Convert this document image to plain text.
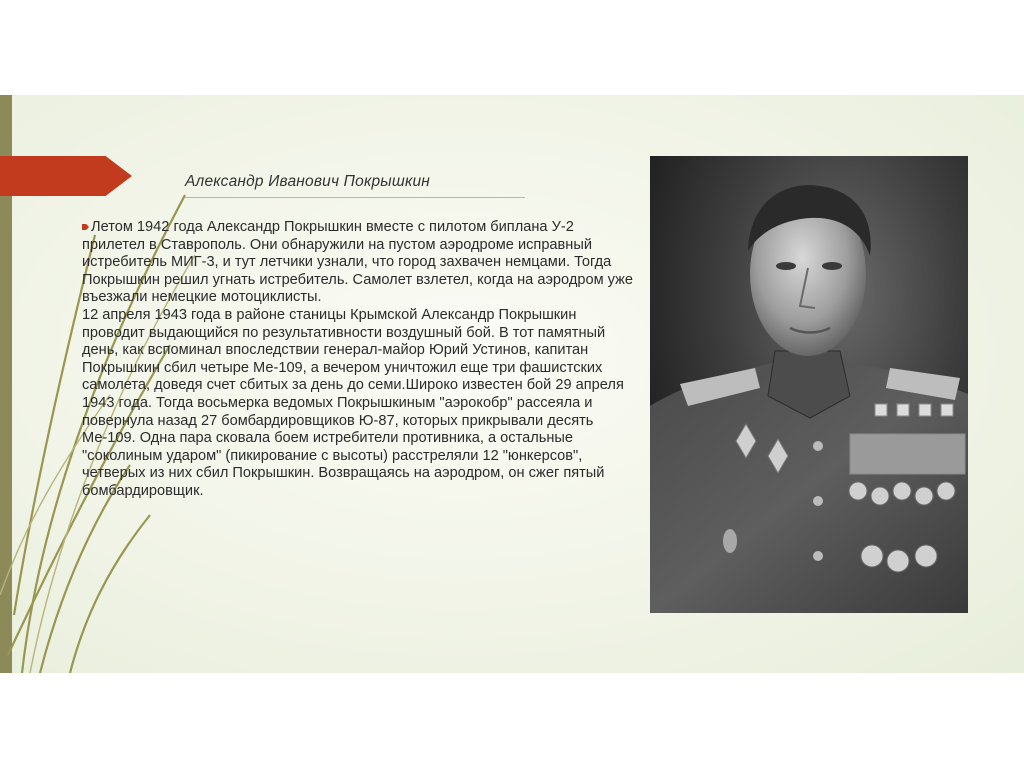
Александр Иванович Покрышкин

Летом 1942 года Александр Покрышкин вместе с пилотом биплана У-2 прилетел в Ставрополь. Они обнаружили на пустом аэродроме исправный истребитель МИГ-3, и тут летчики узнали, что город захвачен немцами. Тогда Покрышкин решил угнать истребитель. Самолет взлетел, когда на аэродром уже въезжали немецкие мотоциклисты.

12 апреля 1943 года в районе станицы Крымской Александр Покрышкин проводит выдающийся по результативности воздушный бой. В тот памятный день, как вспоминал впоследствии генерал-майор Юрий Устинов, капитан Покрышкин сбил четыре Ме-109, а вечером уничтожил еще три фашистских самолета, доведя счет сбитых за день до семи.Широко известен бой 29 апреля 1943 года. Тогда восьмерка ведомых Покрышкиным "аэрокобр" рассеяла и повернула назад 27 бомбардировщиков Ю-87, которых прикрывали десять Ме-109. Одна пара сковала боем истребители противника, а остальные "соколиным ударом" (пикирование с высоты) расстреляли 12 "юнкерсов", четверых из них сбил Покрышкин. Возвращаясь на аэродром, он сжег пятый бомбардировщик.
